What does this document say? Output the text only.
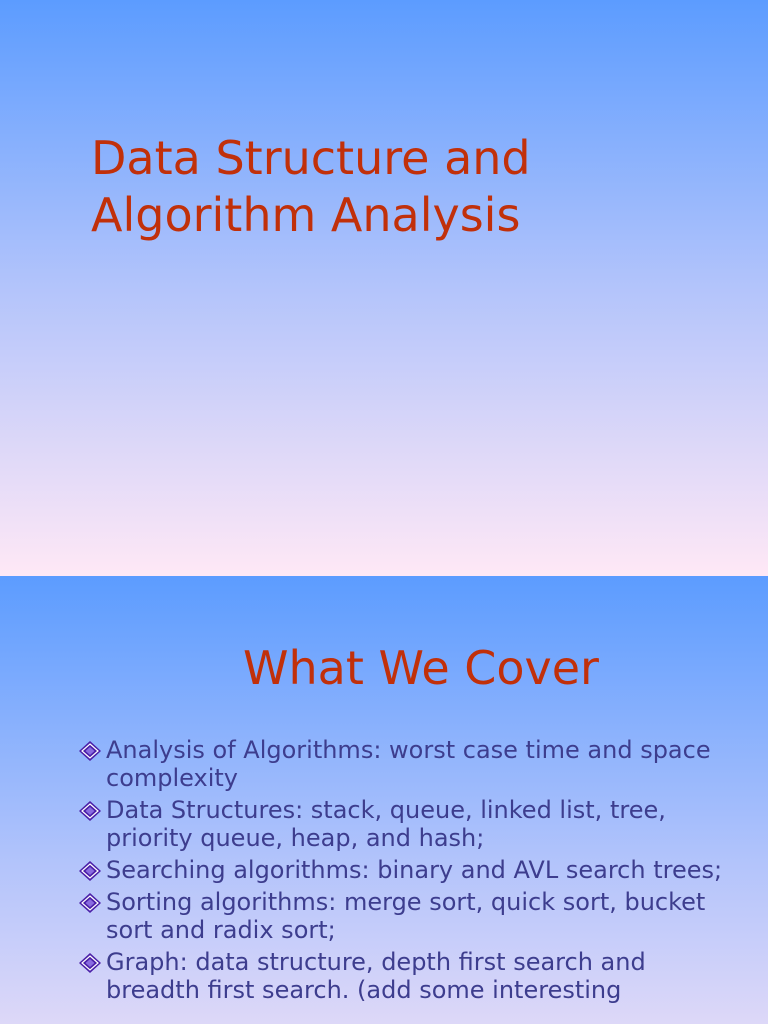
Data Structure and
Algorithm Analysis
What We Cover
Analysis of Algorithms: worst case time and space complexity
Data Structures: stack, queue, linked list, tree, priority queue, heap, and hash;
Searching algorithms: binary and AVL search trees;
Sorting algorithms: merge sort, quick sort, bucket sort and radix sort;
Graph: data structure, depth first search and breadth first search. (add some interesting
